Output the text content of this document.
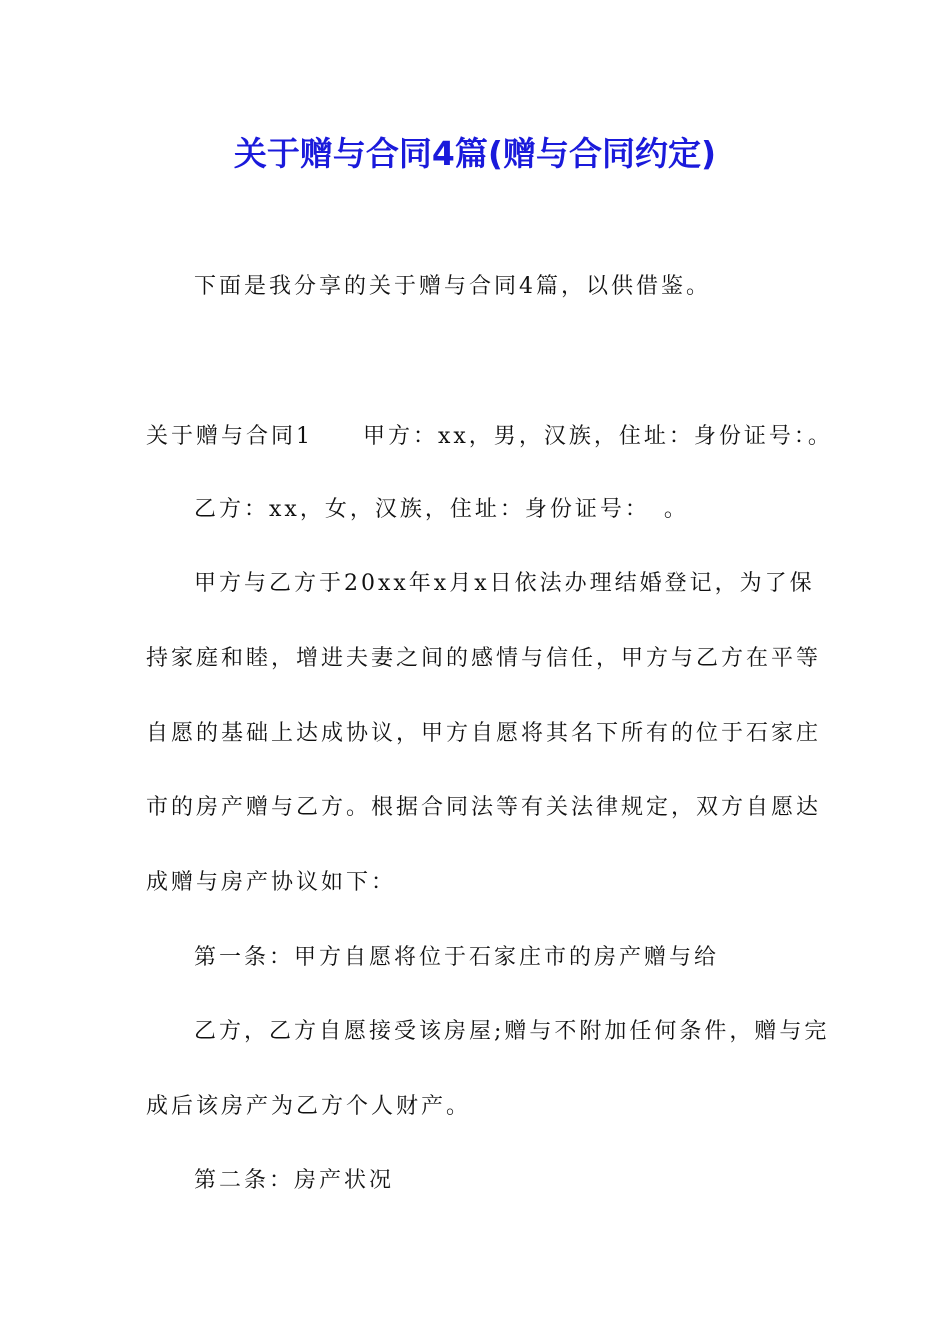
关于赠与合同4篇(赠与合同约定)
下面是我分享的关于赠与合同4篇，以供借鉴。
关于赠与合同1　　甲方：xx，男，汉族，住址：身份证号：。
乙方：xx，女，汉族，住址：身份证号：　。
甲方与乙方于20xx年x月x日依法办理结婚登记，为了保
持家庭和睦，增进夫妻之间的感情与信任，甲方与乙方在平等
自愿的基础上达成协议，甲方自愿将其名下所有的位于石家庄
市的房产赠与乙方。根据合同法等有关法律规定，双方自愿达
成赠与房产协议如下：
第一条：甲方自愿将位于石家庄市的房产赠与给
乙方，乙方自愿接受该房屋;赠与不附加任何条件，赠与完
成后该房产为乙方个人财产。
第二条：房产状况
